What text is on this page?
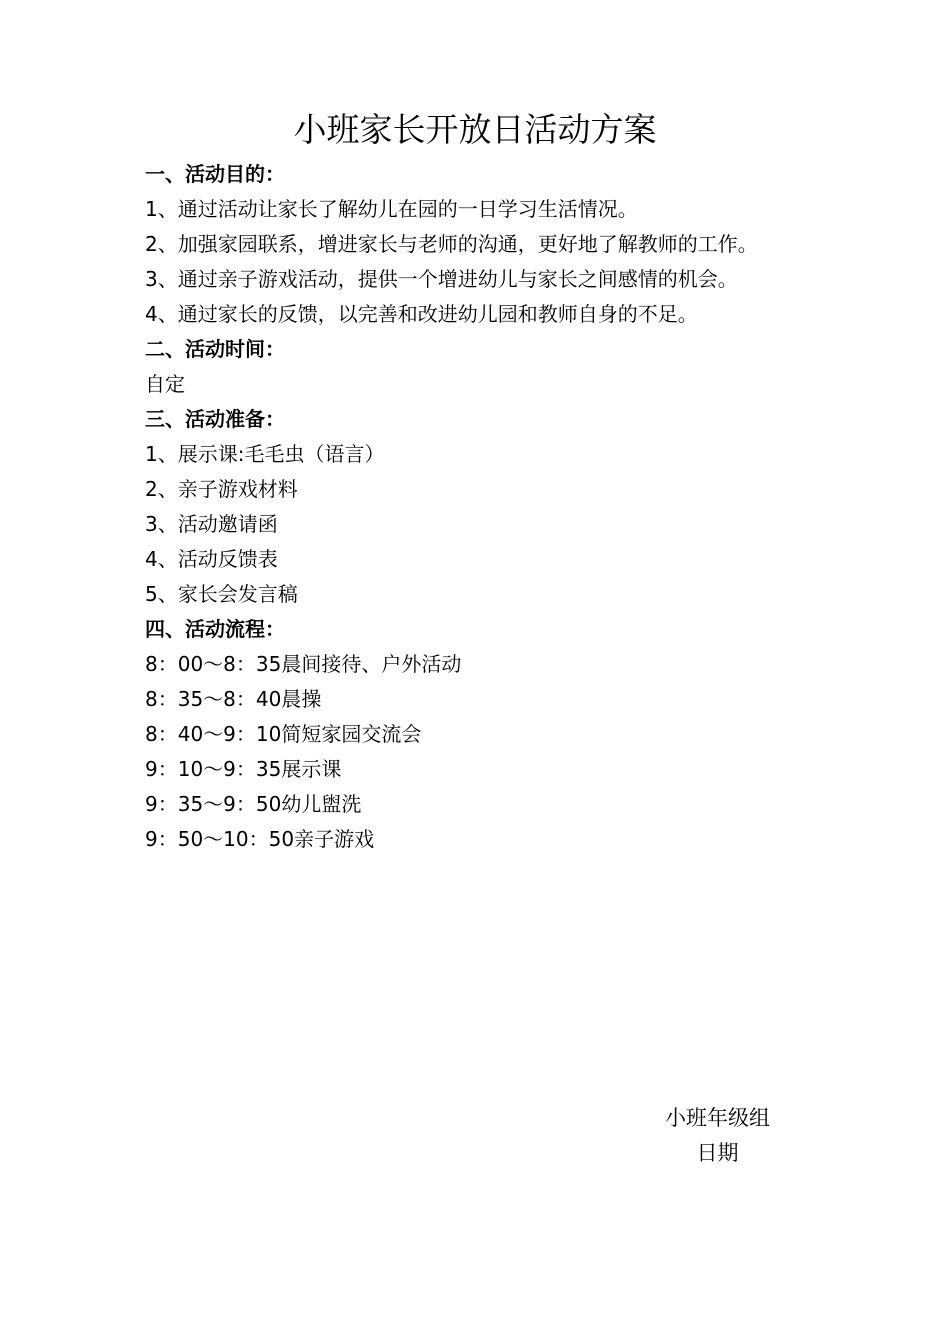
小班家长开放日活动方案
一、活动目的：
1、通过活动让家长了解幼儿在园的一日学习生活情况。
2、加强家园联系，增进家长与老师的沟通，更好地了解教师的工作。
3、通过亲子游戏活动，提供一个增进幼儿与家长之间感情的机会。
4、通过家长的反馈，以完善和改进幼儿园和教师自身的不足。
二、活动时间：
自定
三、活动准备：
1、展示课:毛毛虫（语言）
2、亲子游戏材料
3、活动邀请函
4、活动反馈表
5、家长会发言稿
四、活动流程：
8：00～8：35晨间接待、户外活动
8：35～8：40晨操
8：40～9：10简短家园交流会
9：10～9：35展示课
9：35～9：50幼儿盥洗
9：50～10：50亲子游戏
小班年级组
日期
